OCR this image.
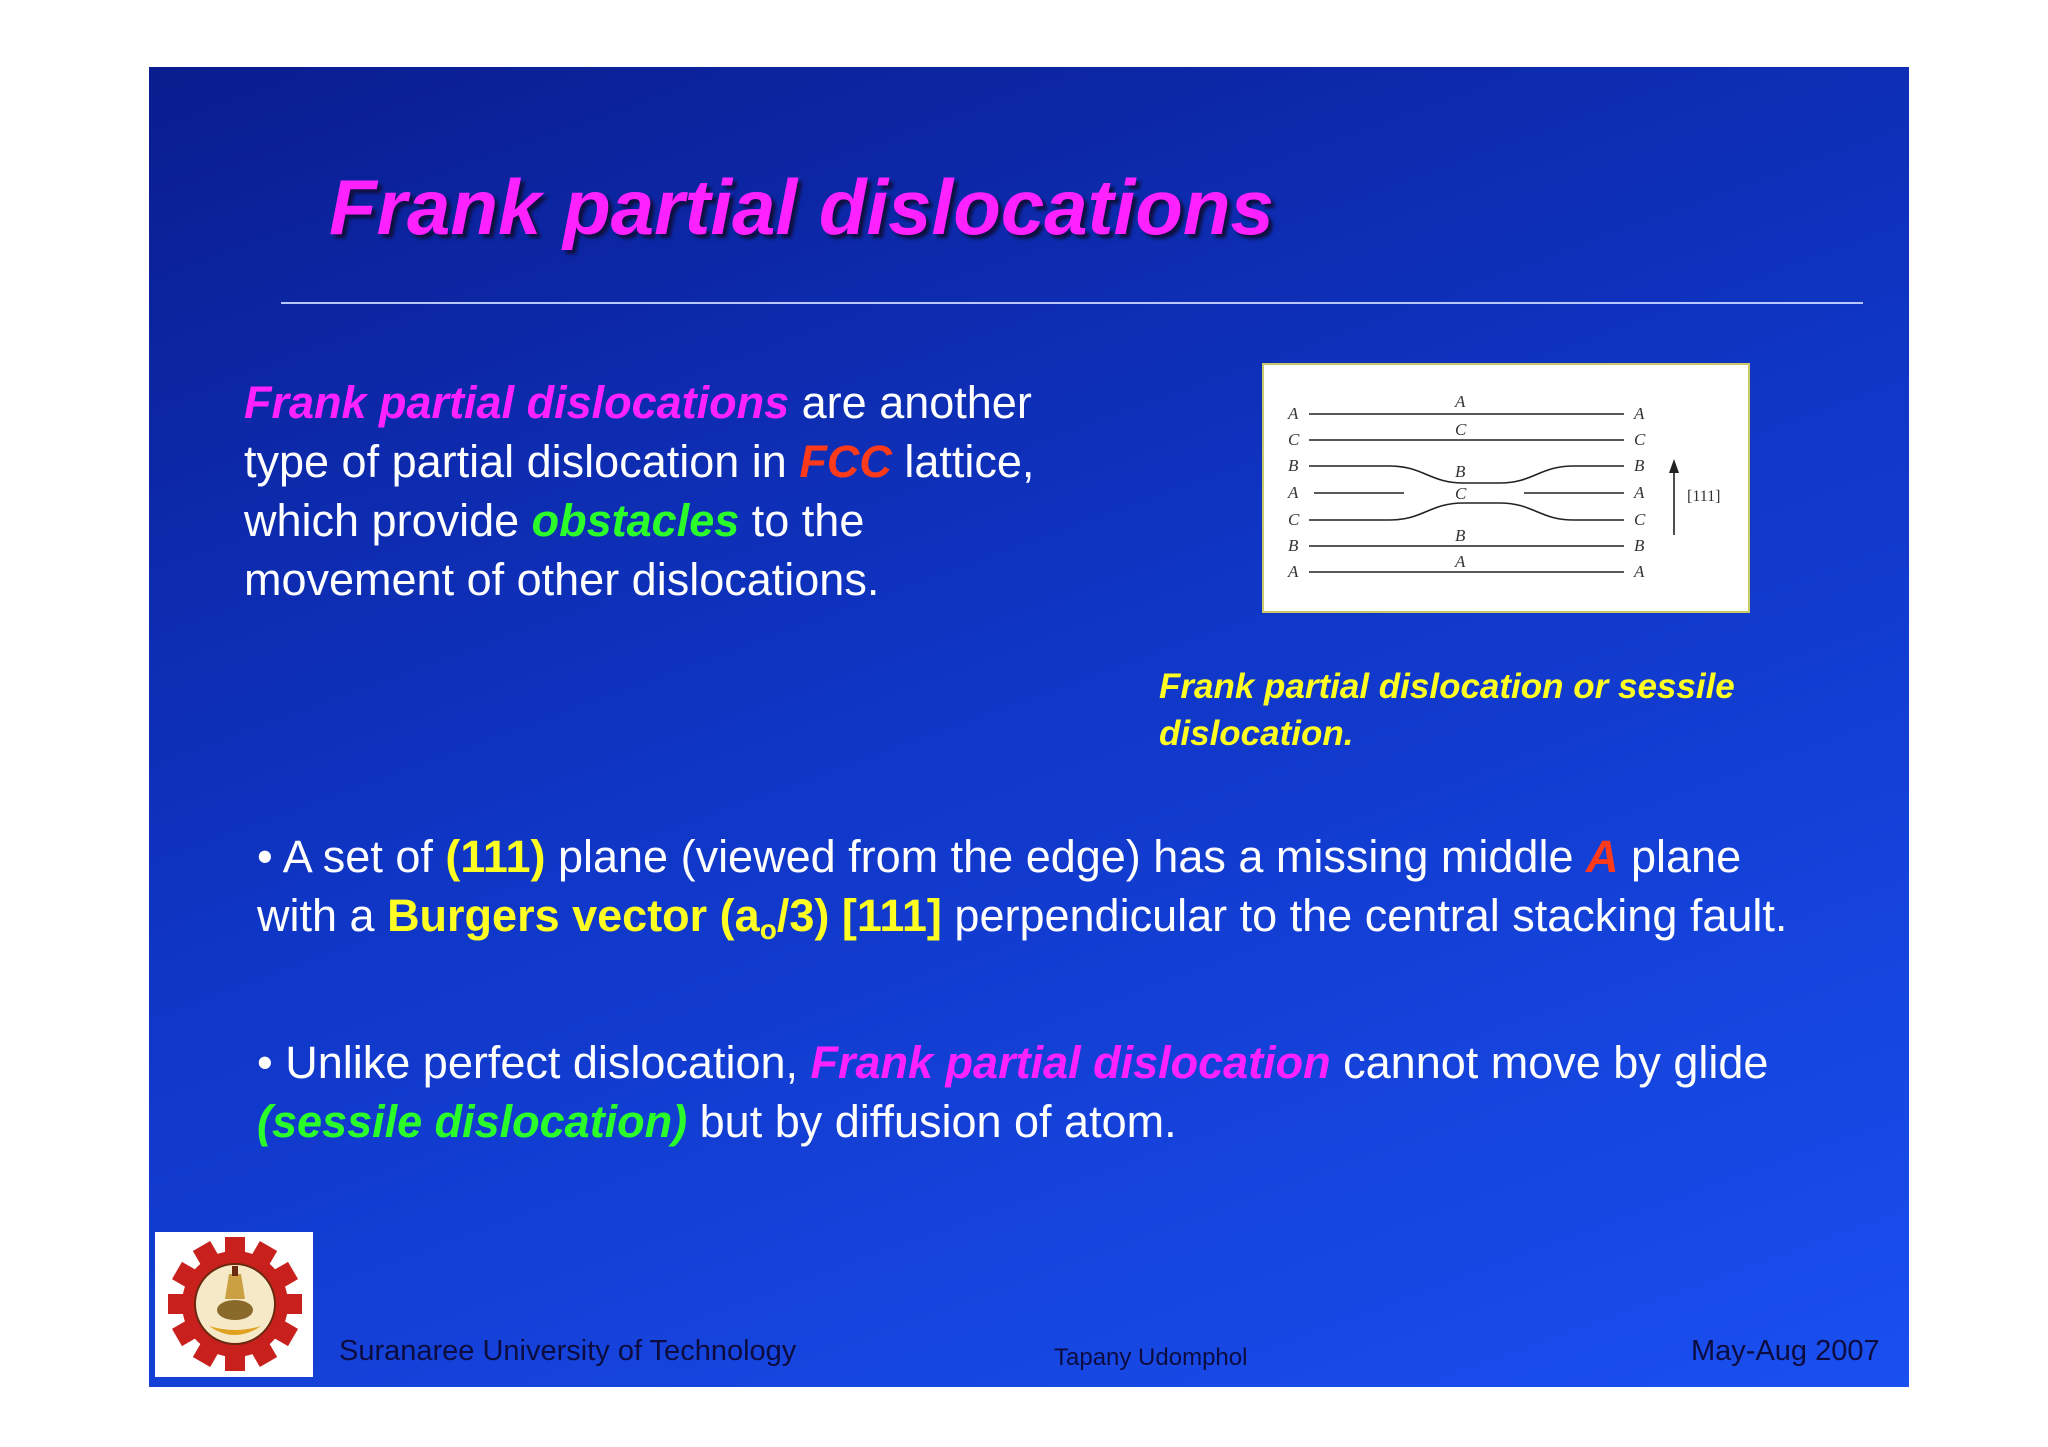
Frank partial dislocations

Frank partial dislocations are another type of partial dislocation in FCC lattice, which provide obstacles to the movement of other dislocations.

A
C
B
A
C
B
A
A
C
B
C
B
A
A
C
B
A
C
B
A
[111]

Frank partial dislocation or sessile dislocation.

• A set of (111) plane (viewed from the edge) has a missing middle A plane with a Burgers vector $(a_o/3)$ [111] perpendicular to the central stacking fault.

• Unlike perfect dislocation, Frank partial dislocation cannot move by glide (sessile dislocation) but by diffusion of atom.

Suranaree University of Technology	Tapany Udomphol	May-Aug 2007
